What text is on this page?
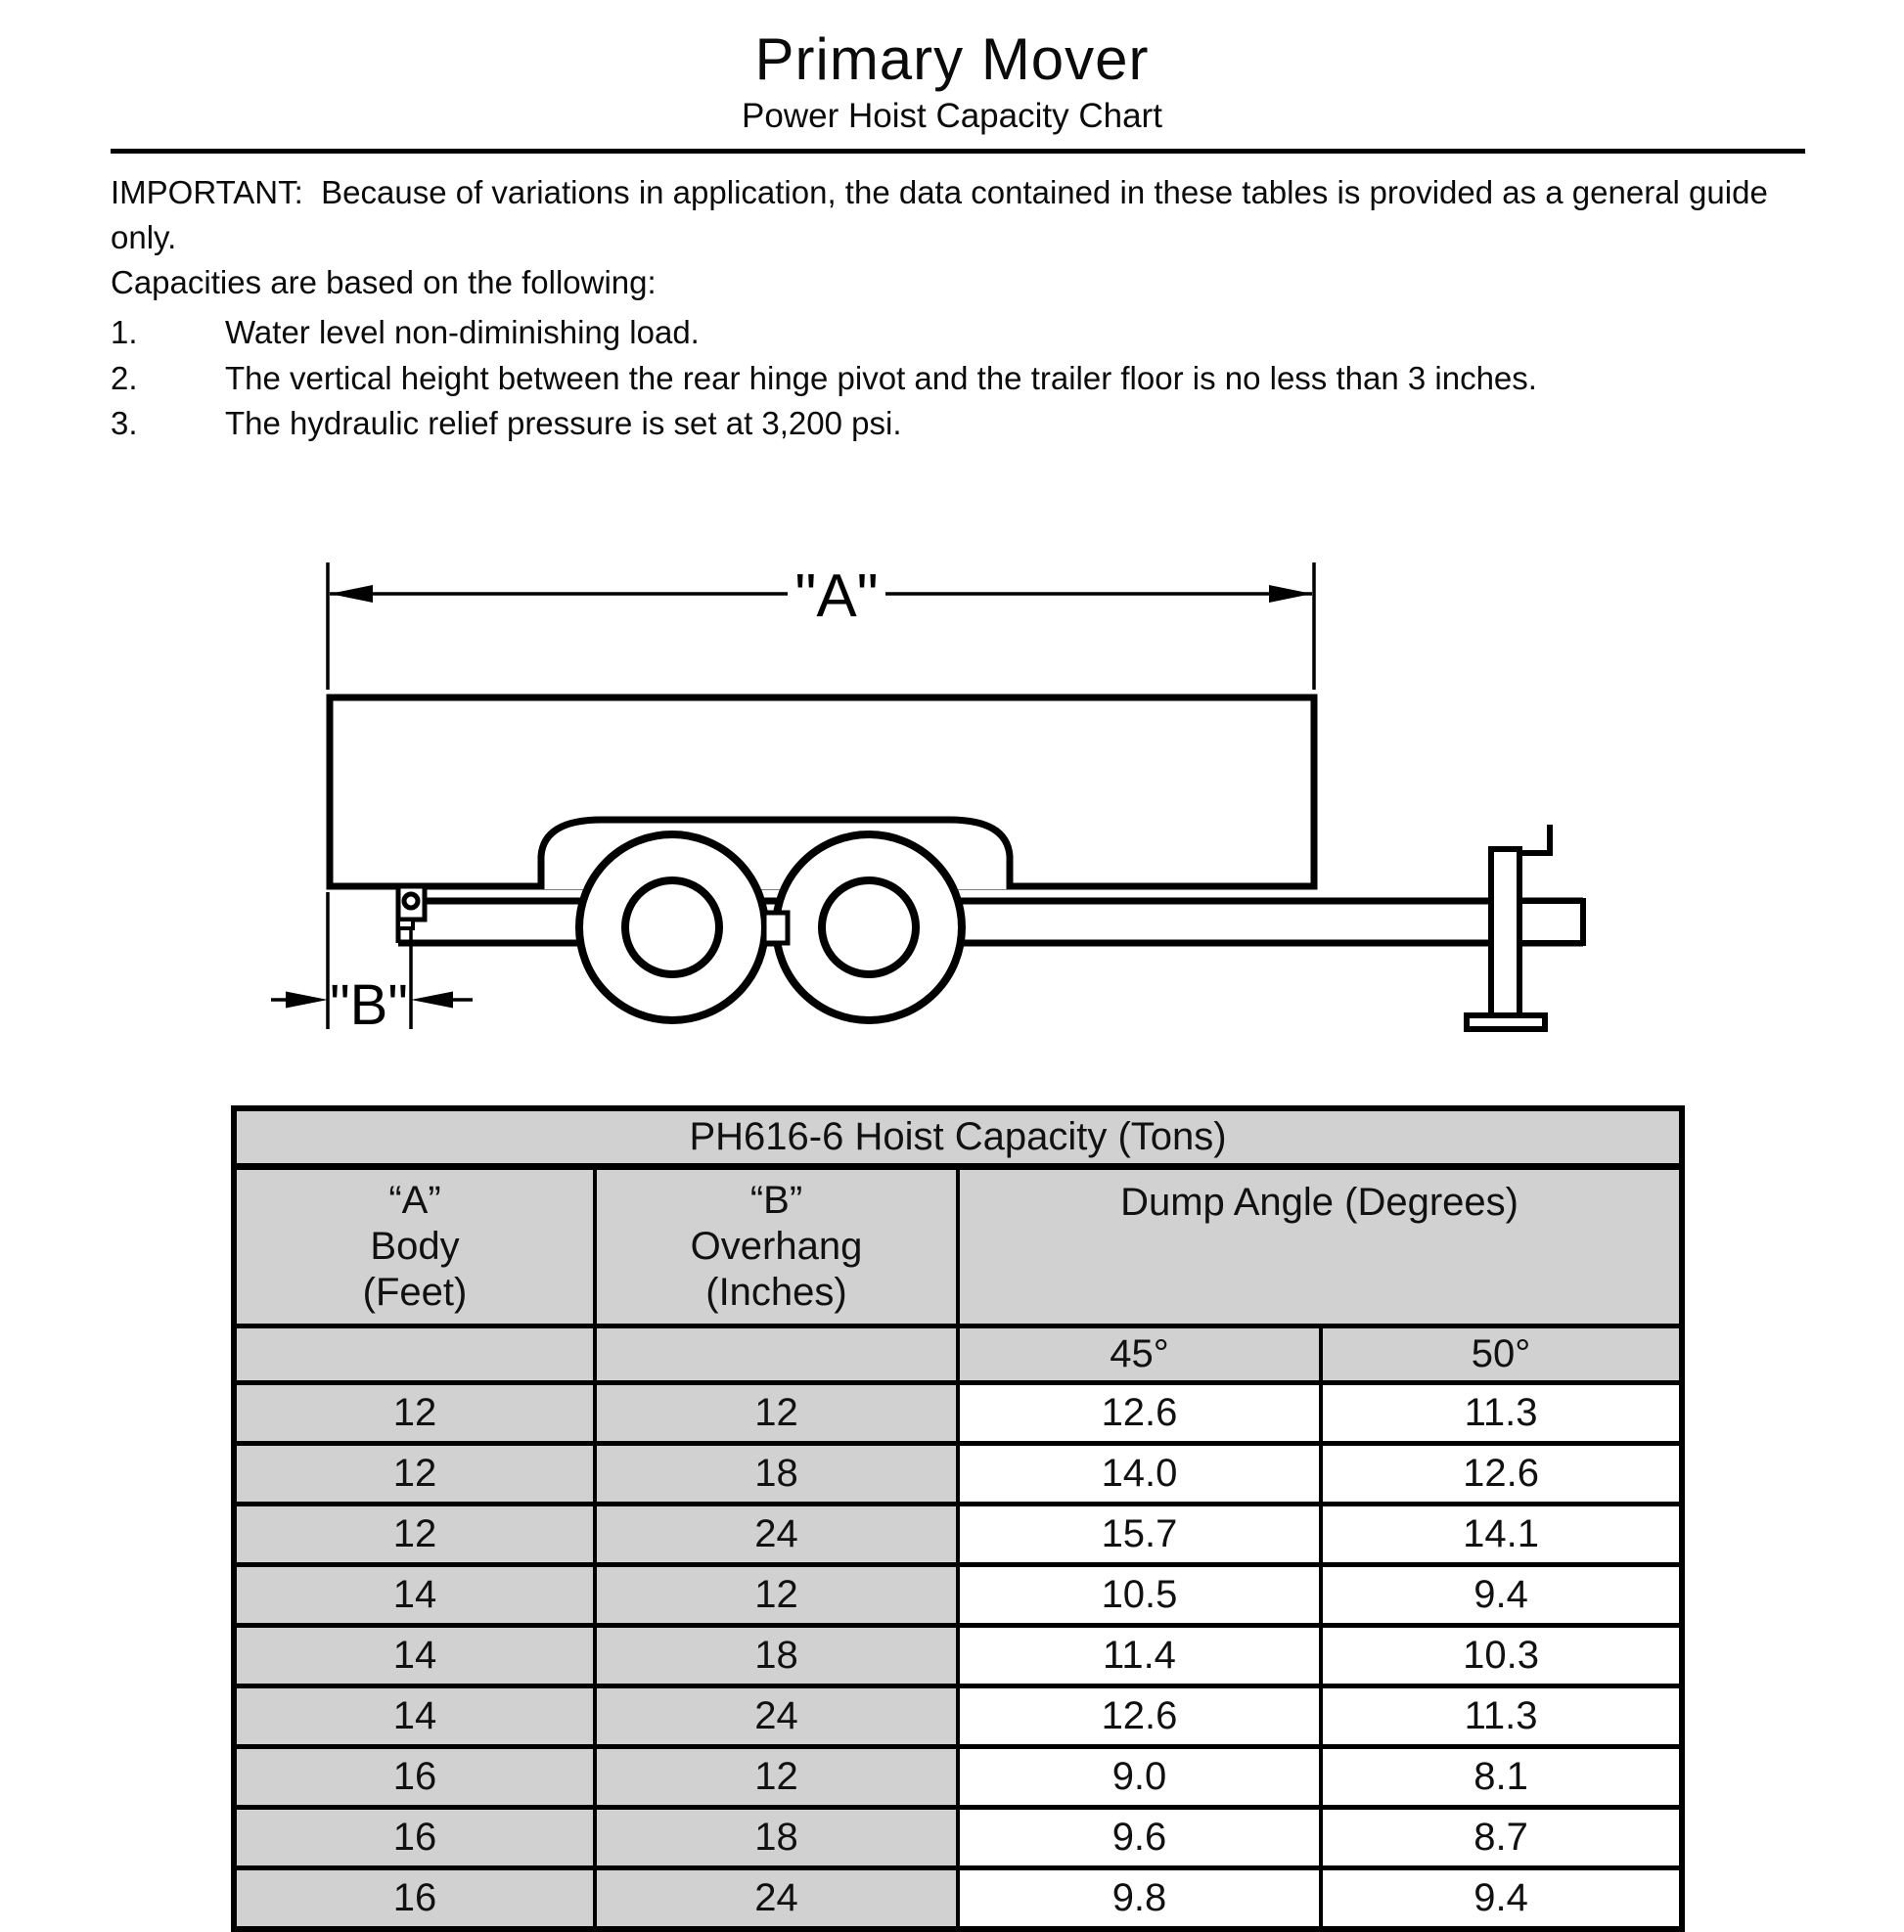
Primary Mover
Power Hoist Capacity Chart

IMPORTANT: Because of variations in application, the data contained in these tables is provided as a general guide only.

Capacities are based on the following:

1.	Water level non-diminishing load.
2.	The vertical height between the rear hinge pivot and the trailer floor is no less than 3 inches.
3.	The hydraulic relief pressure is set at 3,200 psi.
"A"
"B"
PH616-6 Hoist Capacity (Tons)			

“A”
Body
(Feet)

“B”
Overhang
(Inches)
	Dump Angle (Degrees)
		45°	50°
12	12	12.6	11.3
12	18	14.0	12.6
12	24	15.7	14.1
14	12	10.5	9.4
14	18	11.4	10.3
14	24	12.6	11.3
16	12	9.0	8.1
16	18	9.6	8.7
16	24	9.8	9.4
